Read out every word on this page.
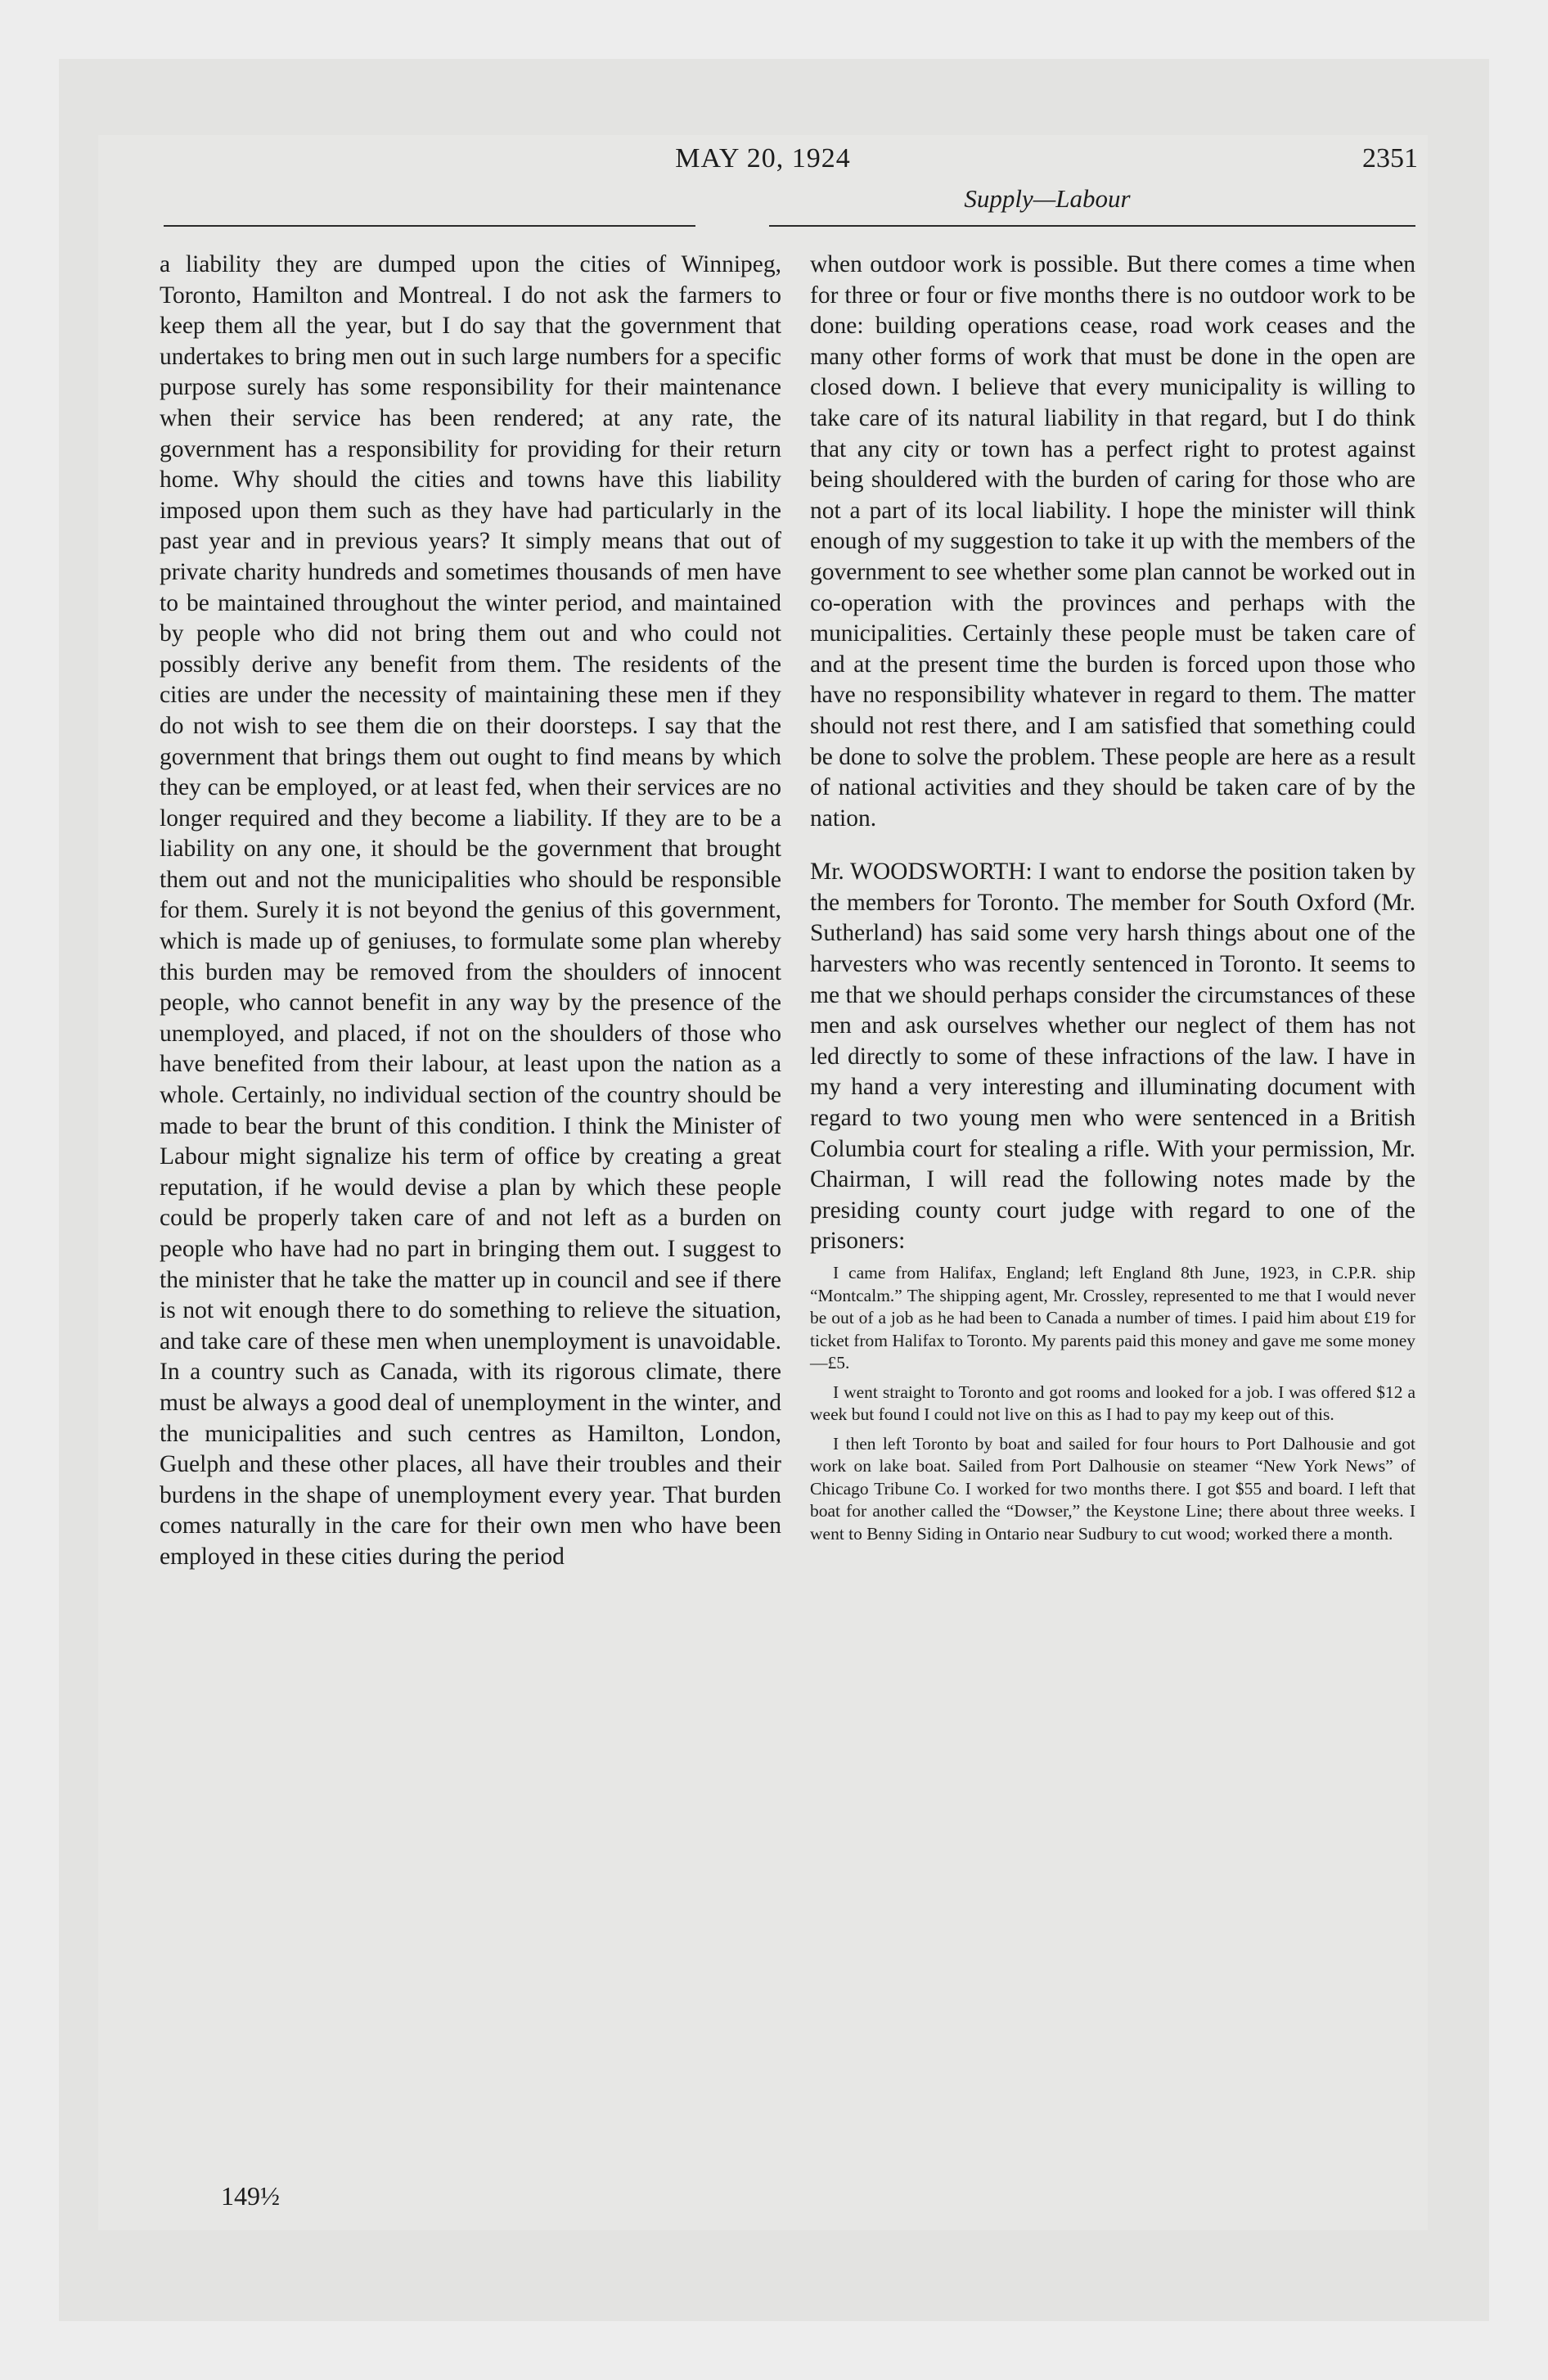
MAY 20, 1924	2351
Supply—Labour

a liability they are dumped upon the cities of Winnipeg, Toronto, Hamilton and Montreal. I do not ask the farmers to keep them all the year, but I do say that the government that undertakes to bring men out in such large numbers for a specific purpose surely has some responsibility for their maintenance when their service has been rendered; at any rate, the government has a responsibility for providing for their return home. Why should the cities and towns have this liability imposed upon them such as they have had particularly in the past year and in previous years? It simply means that out of private charity hundreds and sometimes thousands of men have to be maintained throughout the winter period, and maintained by people who did not bring them out and who could not possibly derive any benefit from them. The residents of the cities are under the necessity of maintaining these men if they do not wish to see them die on their doorsteps. I say that the government that brings them out ought to find means by which they can be employed, or at least fed, when their services are no longer required and they become a liability. If they are to be a liability on any one, it should be the government that brought them out and not the municipalities who should be responsible for them. Surely it is not beyond the genius of this government, which is made up of geniuses, to formulate some plan whereby this burden may be removed from the shoulders of innocent people, who cannot benefit in any way by the presence of the unemployed, and placed, if not on the shoulders of those who have benefited from their labour, at least upon the nation as a whole. Certainly, no individual section of the country should be made to bear the brunt of this condition. I think the Minister of Labour might signalize his term of office by creating a great reputation, if he would devise a plan by which these people could be properly taken care of and not left as a burden on people who have had no part in bringing them out. I suggest to the minister that he take the matter up in council and see if there is not wit enough there to do something to relieve the situation, and take care of these men when unemployment is unavoidable. In a country such as Canada, with its rigorous climate, there must be always a good deal of unemployment in the winter, and the municipalities and such centres as Hamilton, London, Guelph and these other places, all have their troubles and their burdens in the shape of unemployment every year. That burden comes naturally in the care for their own men who have been employed in these cities during the period

when outdoor work is possible. But there comes a time when for three or four or five months there is no outdoor work to be done: building operations cease, road work ceases and the many other forms of work that must be done in the open are closed down. I believe that every municipality is willing to take care of its natural liability in that regard, but I do think that any city or town has a perfect right to protest against being shouldered with the burden of caring for those who are not a part of its local liability. I hope the minister will think enough of my suggestion to take it up with the members of the government to see whether some plan cannot be worked out in co-operation with the provinces and perhaps with the municipalities. Certainly these people must be taken care of and at the present time the burden is forced upon those who have no responsibility whatever in regard to them. The matter should not rest there, and I am satisfied that something could be done to solve the problem. These people are here as a result of national activities and they should be taken care of by the nation.

Mr. WOODSWORTH: I want to endorse the position taken by the members for Toronto. The member for South Oxford (Mr. Sutherland) has said some very harsh things about one of the harvesters who was recently sentenced in Toronto. It seems to me that we should perhaps consider the circumstances of these men and ask ourselves whether our neglect of them has not led directly to some of these infractions of the law. I have in my hand a very interesting and illuminating document with regard to two young men who were sentenced in a British Columbia court for stealing a rifle. With your permission, Mr. Chairman, I will read the following notes made by the presiding county court judge with regard to one of the prisoners:

I came from Halifax, England; left England 8th June, 1923, in C.P.R. ship “Montcalm.” The shipping agent, Mr. Crossley, represented to me that I would never be out of a job as he had been to Canada a number of times. I paid him about £19 for ticket from Halifax to Toronto. My parents paid this money and gave me some money—£5.

I went straight to Toronto and got rooms and looked for a job. I was offered $12 a week but found I could not live on this as I had to pay my keep out of this.

I then left Toronto by boat and sailed for four hours to Port Dalhousie and got work on lake boat. Sailed from Port Dalhousie on steamer “New York News” of Chicago Tribune Co. I worked for two months there. I got $55 and board. I left that boat for another called the “Dowser,” the Keystone Line; there about three weeks. I went to Benny Siding in Ontario near Sudbury to cut wood; worked there a month.

149½
